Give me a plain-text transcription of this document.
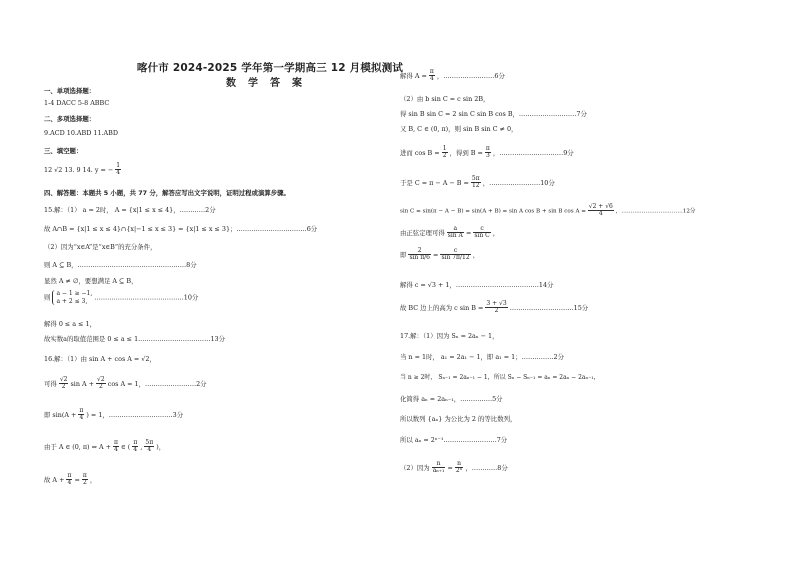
喀什市 2024-2025 学年第一学期高三 12 月模拟测试
数学答案
一、单项选择题：
1-4 DACC 5-8 ABBC
二、多项选择题：
9.ACD 10.ABD 11.ABD
三、填空题：
12 √2 13. 9 14. y = − $\frac{1}{4}$
四、解答题：本题共 5 小题，共 77 分，解答应写出文字说明，证明过程或演算步骤。
15.解：（1） a = 2时， A = {x|1 ≤ x ≤ 4}，…………2分
故 A∩B = {x|1 ≤ x ≤ 4}∩{x|−1 ≤ x ≤ 3} = {x|1 ≤ x ≤ 3}；……………………………6分
（2）因为“x∈A”是“x∈B”的充分条件，
则 A ⊆ B，……………………………………………8分
显然 A ≠ ∅，要想满足 A ⊆ B，
则 a − 1 ≥ −1,
a + 2 ≤ 3,	……………………………………10分
解得 0 ≤ a ≤ 1，
故实数a的取值范围是 0 ≤ a ≤ 1.……………………………13分
16.解：（1）由 sin A + cos A = √2，
可得 $\frac{√2}{2}$ $\sin A + \frac{√2}{2}$ cos A = 1，……………………2分
即 $\sin(A + \frac{\pi}{4}$ ) = 1，…………………………3分
由于 A ∈ (0, π) ⇒ $A + \frac{\pi}{4}$ ∈ ( $\frac{\pi}{4}$ , $\frac{5\pi}{4}$ )，
故 $A + \frac{\pi}{4} = \frac{\pi}{2}$ ，
解得 $A = \frac{\pi}{4}$ ，……………………6分
（2）由 b sin C = c sin 2B，
得 sin B sin C = 2 sin C sin B cos B，………………………7分
又 B, C ∈ (0, π)，则 sin B sin C ≠ 0，
进而 $\cos B = \frac{1}{2}$ ，得到 $B = \frac{\pi}{3}$ ，…………………………9分
于是 $C = \pi - A - B = \frac{5\pi}{12}$ ，……………………10分
sin C = sin(π − A − B) = sin(A + B) = sin A cos B + sin B $\cos A = \frac{√2 + √6}{4}$ ，……………………………12分
由正弦定理可得 $\frac{a}{\text{sin A}} = \frac{c}{\text{sin C}}$ ，
即 $\frac{2}{\text{sin π/6}} = \frac{c}{\sin 7\pi/12}$ ，
解得 c = √3 + 1，…………………………………14分
故 BC 边上的高为 c $\sin B = \frac{3 + √3}{2}$ …………………………15分
17.解：（1）因为 Sₙ = 2aₙ − 1，
当 n = 1时， a₁ = 2a₁ − 1，即 a₁ = 1；……………2分
当 n ≥ 2时， Sₙ₋₁ = 2aₙ₋₁ − 1，所以 Sₙ − Sₙ₋₁ = aₙ = 2aₙ − 2aₙ₋₁，
化简得 aₙ = 2aₙ₋₁，……………5分
所以数列 {aₙ} 为公比为 2 的等比数列，
所以 aₙ = 2ⁿ⁻¹.……………………7分
（2）因为 $\frac{n}{\text{aₙ₊₁}} = \frac{n}{\text{2ⁿ}}$ ，…………8分
